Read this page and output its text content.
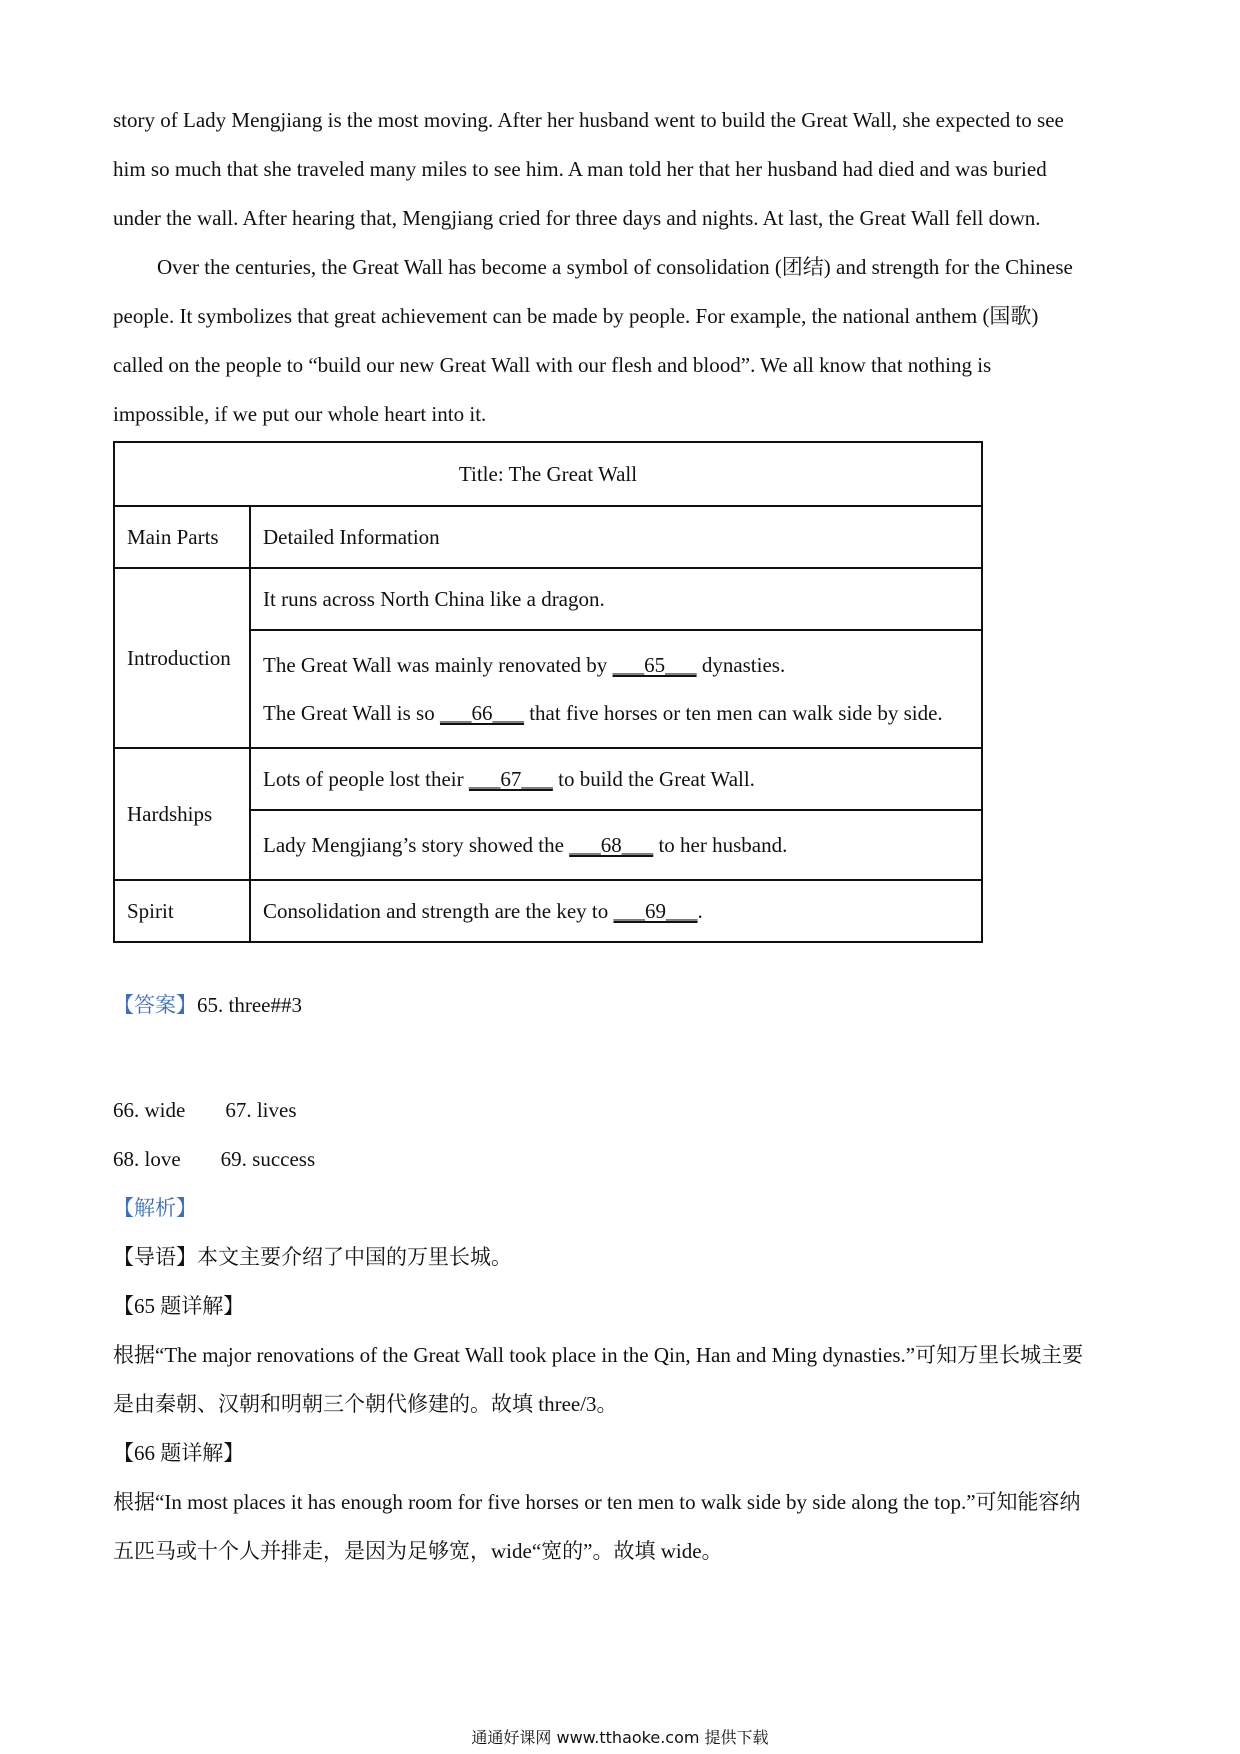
story of Lady Mengjiang is the most moving. After her husband went to build the Great Wall, she expected to see

him so much that she traveled many miles to see him. A man told her that her husband had died and was buried

under the wall. After hearing that, Mengjiang cried for three days and nights. At last, the Great Wall fell down.

Over the centuries, the Great Wall has become a symbol of consolidation (团结) and strength for the Chinese

people. It symbolizes that great achievement can be made by people. For example, the national anthem (国歌)

called on the people to “build our new Great Wall with our flesh and blood”. We all know that nothing is

impossible, if we put our whole heart into it.

Title: The Great Wall	
Main Parts	Detailed Information
Introduction	It runs across North China like a dragon.

	The Great Wall was mainly renovated by ___65___ dynasties.
The Great Wall is so ___66___ that five horses or ten men can walk side by side.

Hardships	Lots of people lost their ___67___ to build the Great Wall.
	Lady Mengjiang’s story showed the ___68___ to her husband.
Spirit	Consolidation and strength are the key to ___69___.

【答案】65. three##3

66. wide 67. lives

68. love 69. success

【解析】

【导语】本文主要介绍了中国的万里长城。

【65 题详解】

根据“The major renovations of the Great Wall took place in the Qin, Han and Ming dynasties.”可知万里长城主要

是由秦朝、汉朝和明朝三个朝代修建的。故填 three/3。

【66 题详解】

根据“In most places it has enough room for five horses or ten men to walk side by side along the top.”可知能容纳

五匹马或十个人并排走，是因为足够宽，wide“宽的”。故填 wide。

通通好课网 www.tthaoke.com 提供下载
